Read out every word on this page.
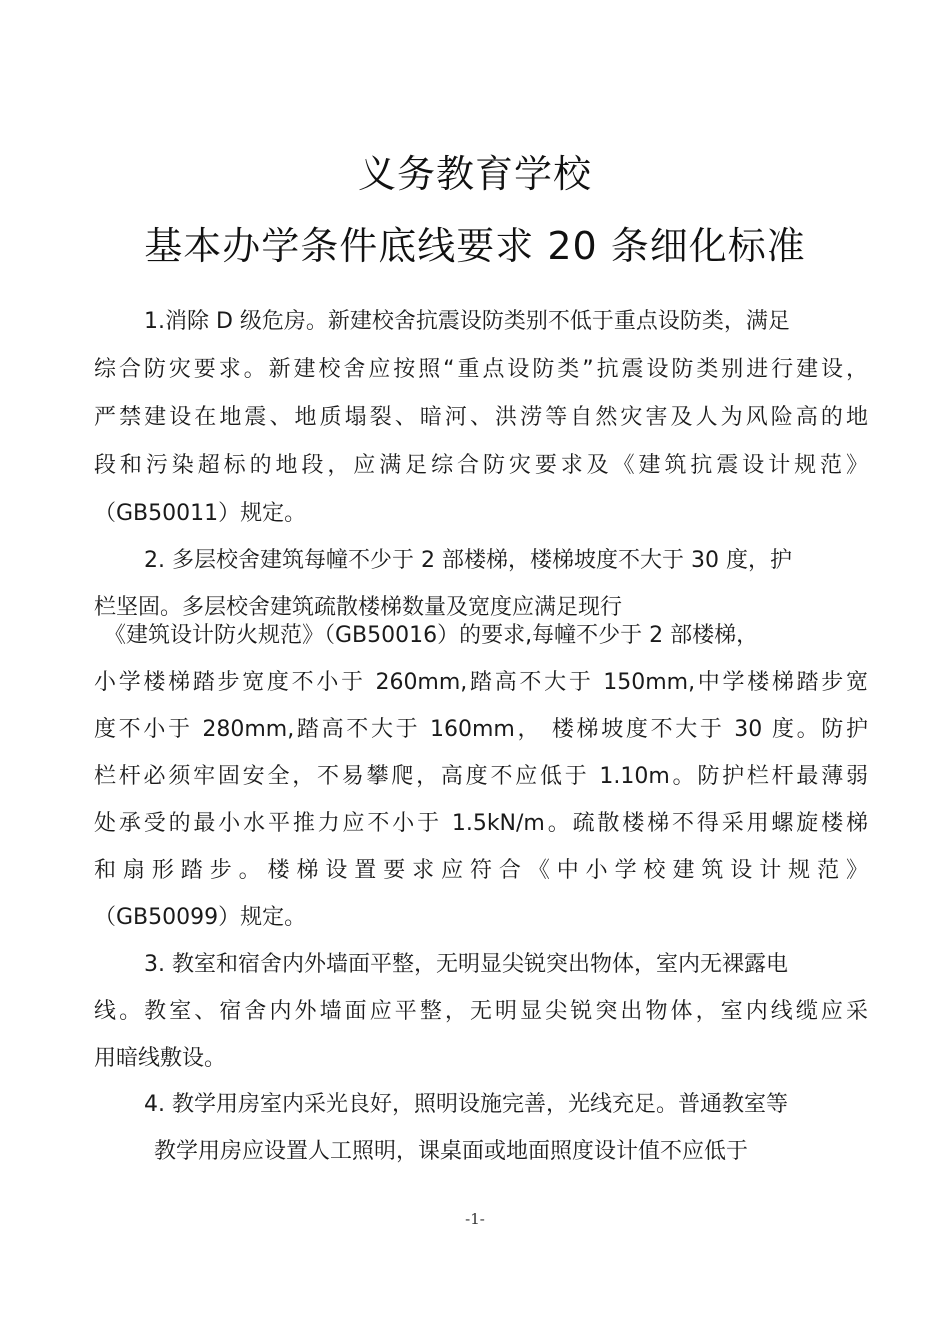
义务教育学校
基本办学条件底线要求 20 条细化标准
1.消除 D 级危房。新建校舍抗震设防类别不低于重点设防类，满足
综合防灾要求。新建校舍应按照“重点设防类”抗震设防类别进行建设，
严禁建设在地震、地质塌裂、暗河、洪涝等自然灾害及人为风险高的地
段和污染超标的地段，应满足综合防灾要求及《建筑抗震设计规范》
（GB50011）规定。
2. 多层校舍建筑每幢不少于 2 部楼梯，楼梯坡度不大于 30 度，护
栏坚固。多层校舍建筑疏散楼梯数量及宽度应满足现行
《建筑设计防火规范》（GB50016）的要求,每幢不少于 2 部楼梯，
小学楼梯踏步宽度不小于 260mm,踏高不大于 150mm,中学楼梯踏步宽
度不小于 280mm,踏高不大于 160mm， 楼梯坡度不大于 30 度。防护
栏杆必须牢固安全，不易攀爬，高度不应低于 1.10m。防护栏杆最薄弱
处承受的最小水平推力应不小于 1.5kN/m。疏散楼梯不得采用螺旋楼梯
和扇形踏步。楼梯设置要求应符合《中小学校建筑设计规范》
（GB50099）规定。
3. 教室和宿舍内外墙面平整，无明显尖锐突出物体，室内无裸露电
线。教室、宿舍内外墙面应平整，无明显尖锐突出物体，室内线缆应采
用暗线敷设。
4. 教学用房室内采光良好，照明设施完善，光线充足。普通教室等
教学用房应设置人工照明，课桌面或地面照度设计值不应低于
-1-
